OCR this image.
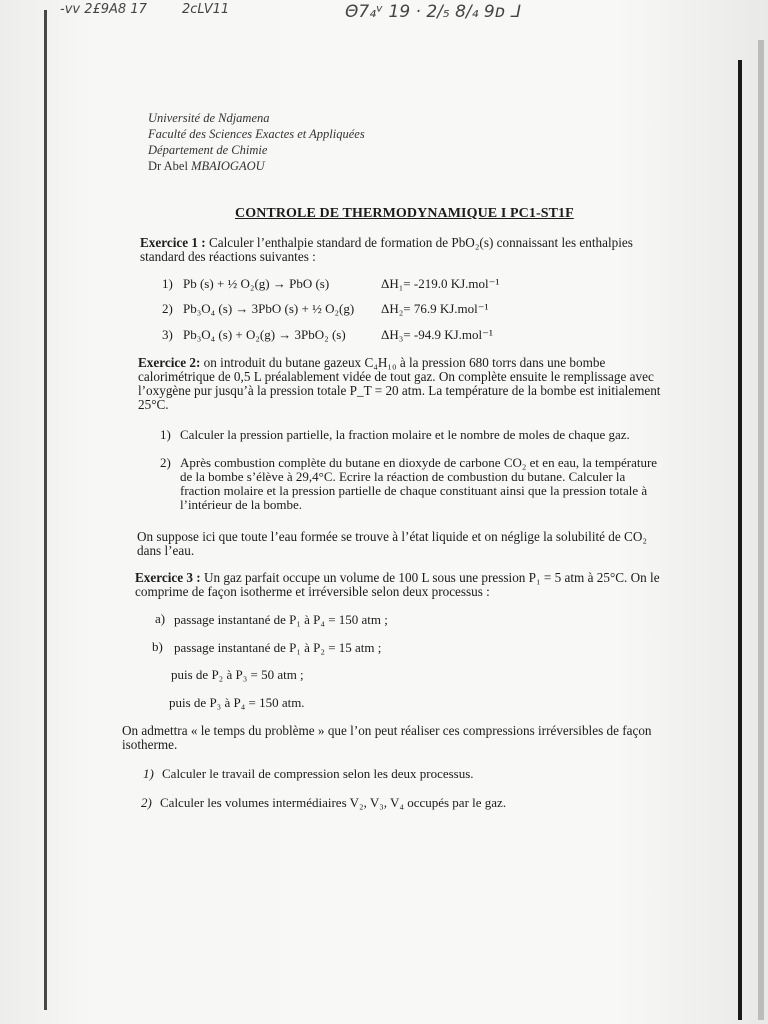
-vv 2£9A8 17	2cLV11	Θ7₄ᵛ 19 · 2/₅ 8/₄ 9ᴅ ⅃
Université de Ndjamena
Faculté des Sciences Exactes et Appliquées
Département de Chimie
Dr Abel MBAIOGAOU
CONTROLE DE THERMODYNAMIQUE I PC1-ST1F
Exercice 1 : Calculer l’enthalpie standard de formation de PbO₂(s) connaissant les enthalpies standard des réactions suivantes :
1) Pb (s) + ½ O₂(g) → PbO (s)	ΔH₁= -219.0 KJ.mol⁻¹
2) Pb₃O₄ (s) → 3PbO (s) + ½ O₂(g) ΔH₂= 76.9 KJ.mol⁻¹
3) Pb₃O₄ (s) + O₂(g) → 3PbO₂ (s)	ΔH₃= -94.9 KJ.mol⁻¹
Exercice 2: on introduit du butane gazeux C₄H₁₀ à la pression 680 torrs dans une bombe calorimétrique de 0,5 L préalablement vidée de tout gaz. On complète ensuite le remplissage avec l’oxygène pur jusqu’à la pression totale P_T = 20 atm. La température de la bombe est initialement 25°C.
1) Calculer la pression partielle, la fraction molaire et le nombre de moles de chaque gaz.
2) Après combustion complète du butane en dioxyde de carbone CO₂ et en eau, la température de la bombe s’élève à 29,4°C. Ecrire la réaction de combustion du butane. Calculer la fraction molaire et la pression partielle de chaque constituant ainsi que la pression totale à l’intérieur de la bombe.
On suppose ici que toute l’eau formée se trouve à l’état liquide et on néglige la solubilité de CO₂ dans l’eau.
Exercice 3 : Un gaz parfait occupe un volume de 100 L sous une pression P₁ = 5 atm à 25°C. On le comprime de façon isotherme et irréversible selon deux processus :
a) passage instantané de P₁ à P₄ = 150 atm ;
b) passage instantané de P₁ à P₂ = 15 atm ;
puis de P₂ à P₃ = 50 atm ;
puis de P₃ à P₄ = 150 atm.
On admettra « le temps du problème » que l’on peut réaliser ces compressions irréversibles de façon isotherme.
1) Calculer le travail de compression selon les deux processus.
2) Calculer les volumes intermédiaires V₂, V₃, V₄ occupés par le gaz.
